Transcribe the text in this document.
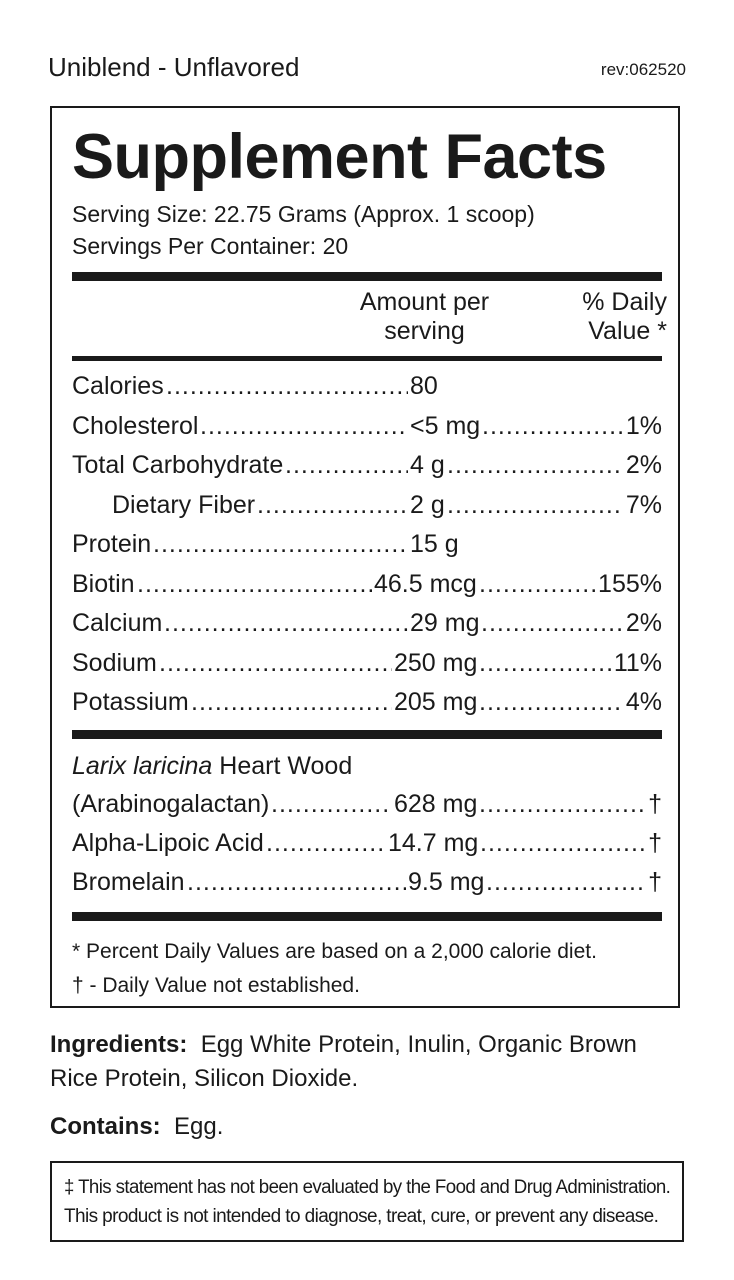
Uniblend - Unflavored	rev:062520
Supplement Facts
Serving Size: 22.75 Grams (Approx. 1 scoop)
Servings Per Container: 20
Amount per
serving
% Daily
Value *
.....
Calories	80
.....
.....
Cholesterol	<5 mg	1%
.....
.....
Total Carbohydrate	4 g	2%
.....
.....
Dietary Fiber	2 g	7%
.....
Protein	15 g
.....
.....
Biotin	46.5 mcg	155%
.....
.....
Calcium	29 mg	2%
.....
.....
Sodium	250 mg	11%
.....
.....
Potassium	205 mg	4%
Larix laricina Heart Wood
.....
.....
(Arabinogalactan)	628 mg	†
.....
.....
Alpha-Lipoic Acid	14.7 mg	†
.....
.....
Bromelain	9.5 mg	†
* Percent Daily Values are based on a 2,000 calorie diet.
† - Daily Value not established.
Ingredients: Egg White Protein, Inulin, Organic Brown Rice Protein, Silicon Dioxide.
Contains: Egg.
‡ This statement has not been evaluated by the Food and Drug Administration.
This product is not intended to diagnose, treat, cure, or prevent any disease.
